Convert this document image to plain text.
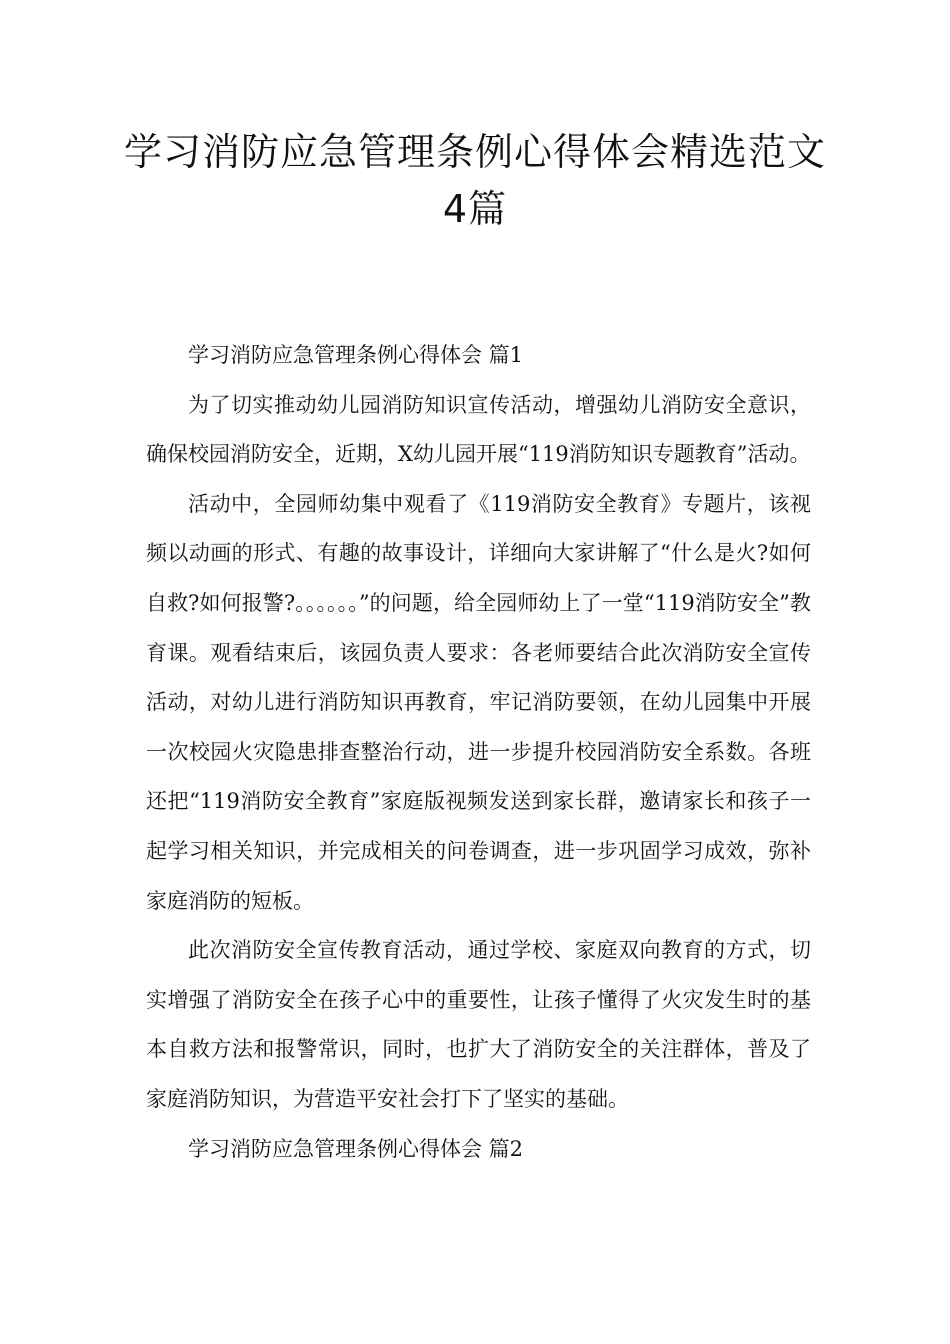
学习消防应急管理条例心得体会精选范文4篇

学习消防应急管理条例心得体会 篇1

为了切实推动幼儿园消防知识宣传活动，增强幼儿消防安全意识，确保校园消防安全，近期，X幼儿园开展“119消防知识专题教育”活动。

活动中，全园师幼集中观看了《119消防安全教育》专题片，该视频以动画的形式、有趣的故事设计，详细向大家讲解了“什么是火?如何自救?如何报警?。。。。。。”的问题，给全园师幼上了一堂“119消防安全”教育课。观看结束后，该园负责人要求：各老师要结合此次消防安全宣传活动，对幼儿进行消防知识再教育，牢记消防要领，在幼儿园集中开展一次校园火灾隐患排查整治行动，进一步提升校园消防安全系数。各班还把“119消防安全教育”家庭版视频发送到家长群，邀请家长和孩子一起学习相关知识，并完成相关的问卷调查，进一步巩固学习成效，弥补家庭消防的短板。

此次消防安全宣传教育活动，通过学校、家庭双向教育的方式，切实增强了消防安全在孩子心中的重要性，让孩子懂得了火灾发生时的基本自救方法和报警常识，同时，也扩大了消防安全的关注群体，普及了家庭消防知识，为营造平安社会打下了坚实的基础。

学习消防应急管理条例心得体会 篇2
